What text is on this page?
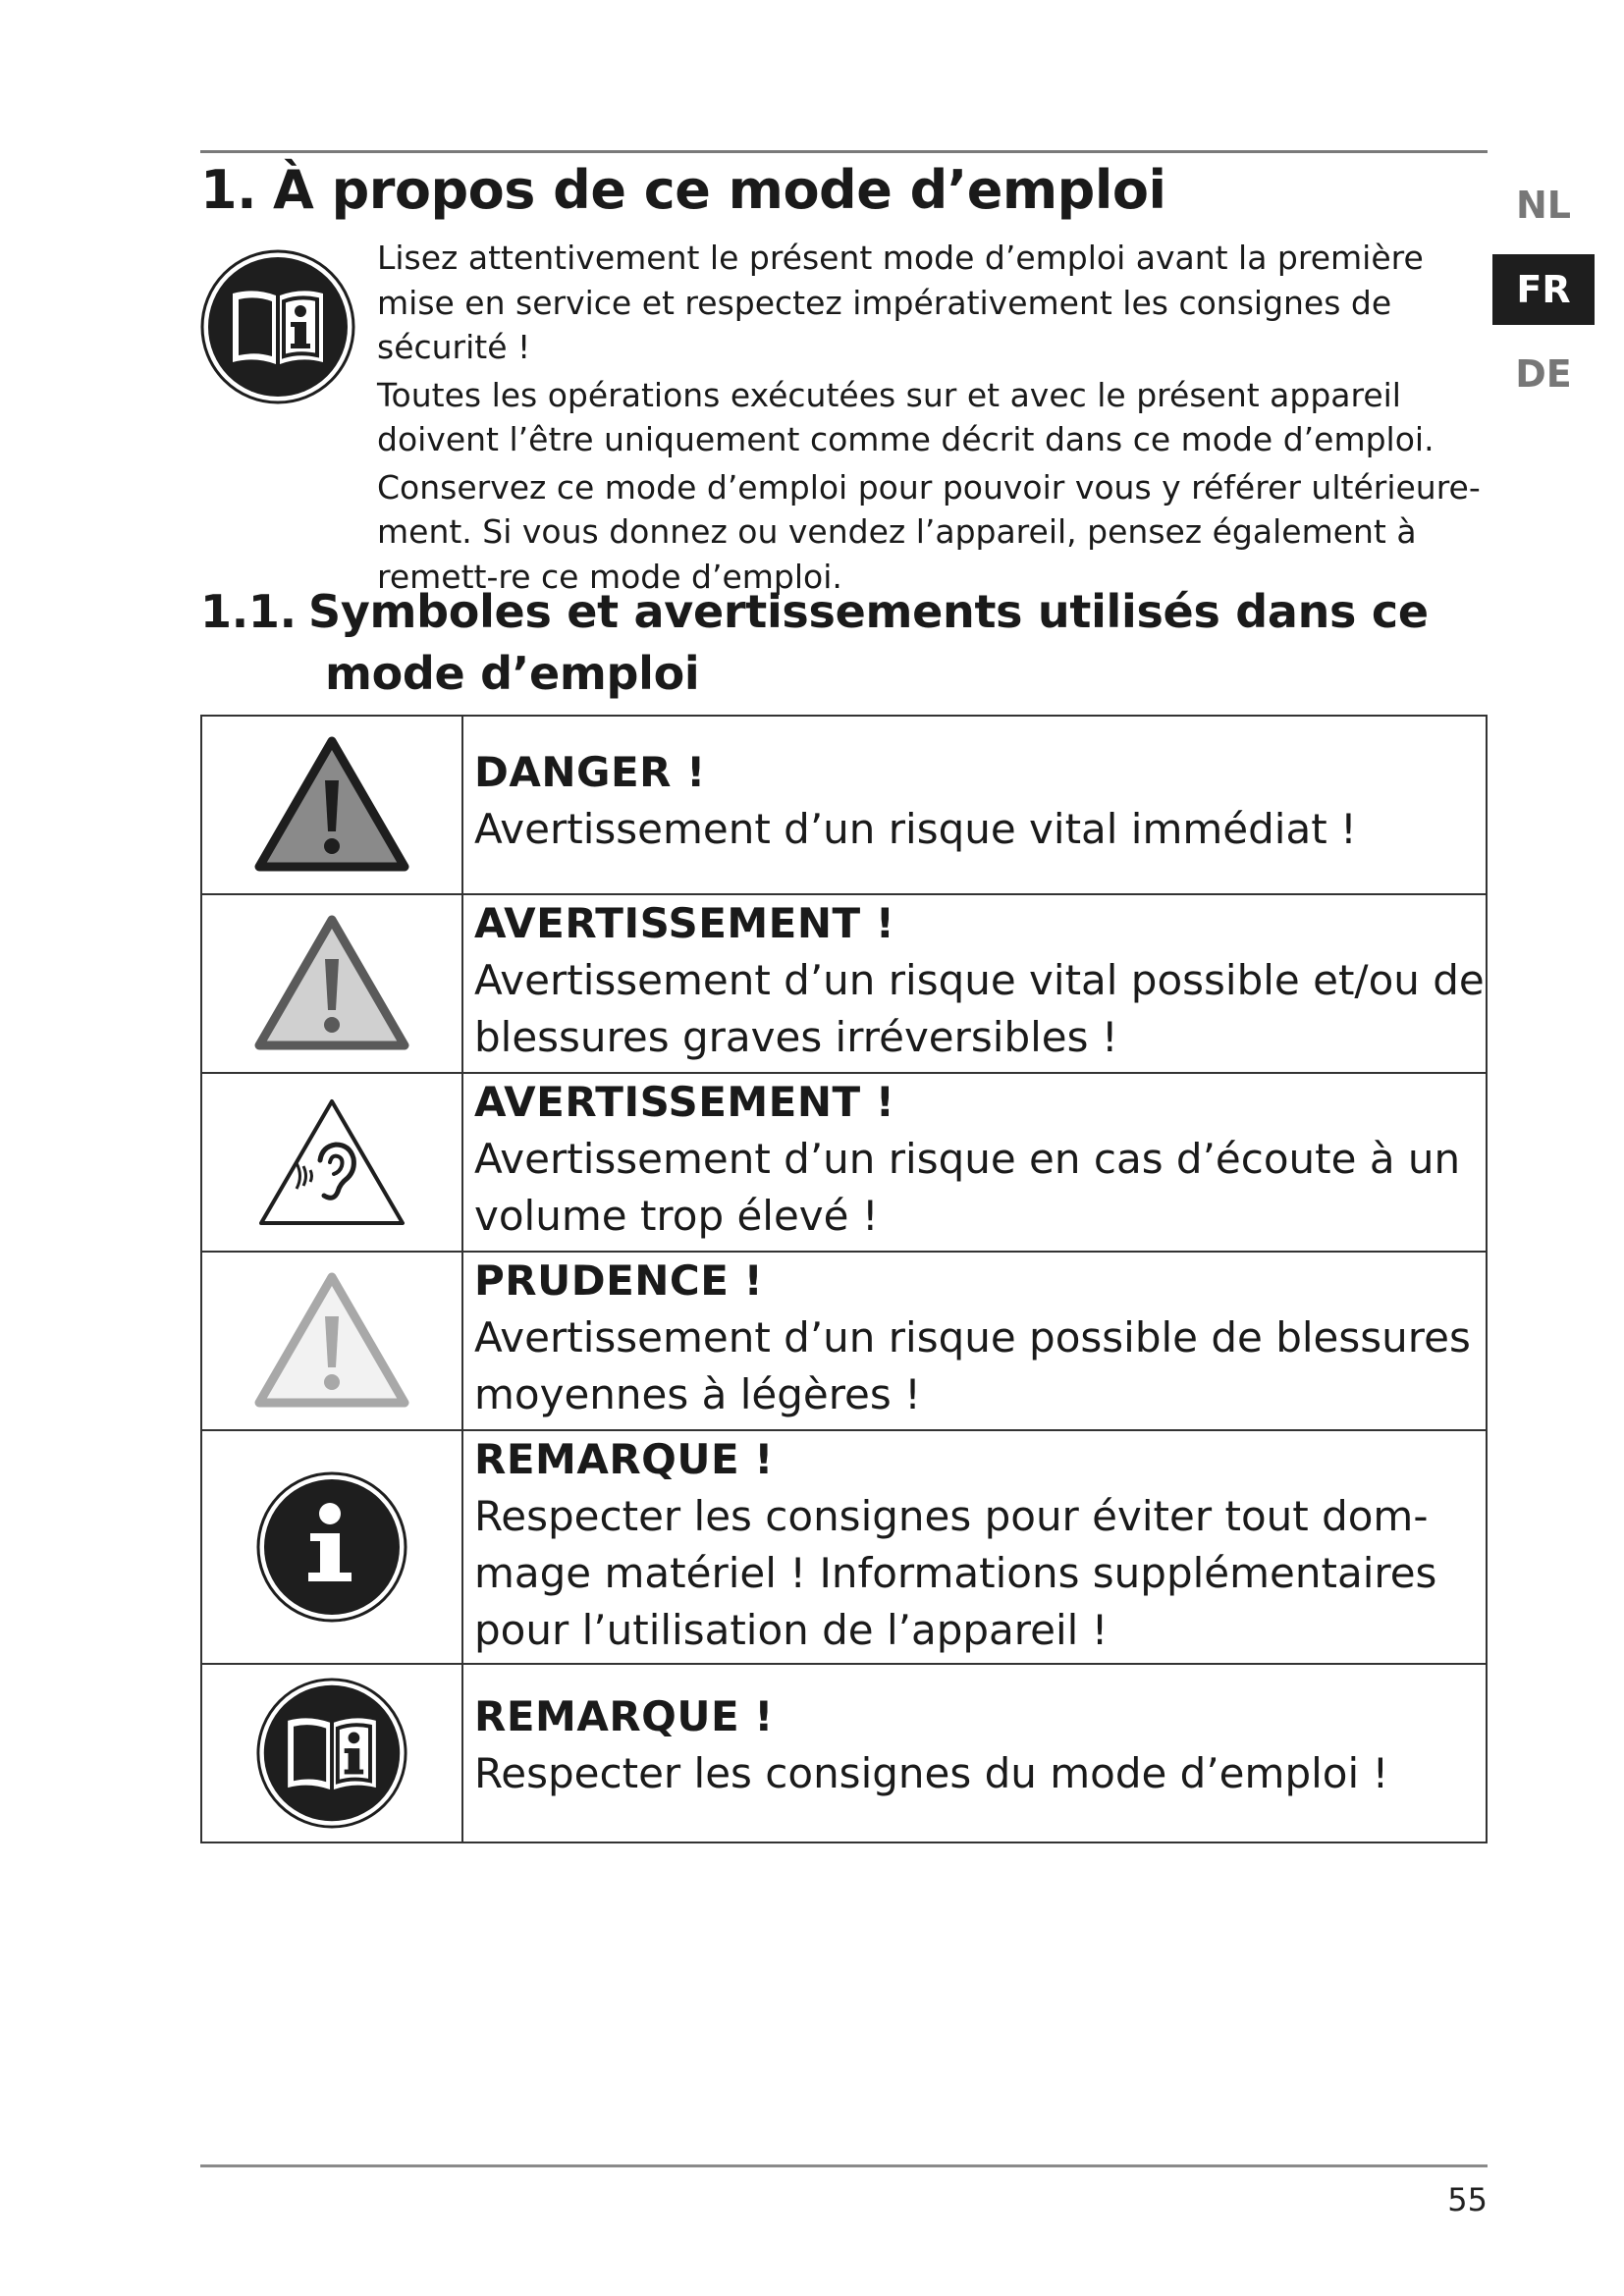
NL
FR
DE
1. À propos de ce mode d’emploi

Lisez attentivement le présent mode d’emploi avant la première mise en service et respectez impérativement les consignes de sécurité !

Toutes les opérations exécutées sur et avec le présent appareil doivent l’être uniquement comme décrit dans ce mode d’emploi.

Conservez ce mode d’emploi pour pouvoir vous y référer ultérieure-ment. Si vous donnez ou vendez l’appareil, pensez également à remett-re ce mode d’emploi.

1.1. Symboles et avertissements utilisés dans ce
mode d’emploi

DANGER !
Avertissement d’un risque vital immédiat !

AVERTISSEMENT !
Avertissement d’un risque vital possible et/ou de blessures graves irréversibles !

AVERTISSEMENT !
Avertissement d’un risque en cas d’écoute à un volume trop élevé !

PRUDENCE !
Avertissement d’un risque possible de blessures moyennes à légères !

REMARQUE !
Respecter les consignes pour éviter tout dom-mage matériel ! Informations supplémentaires pour l’utilisation de l’appareil !

REMARQUE !
Respecter les consignes du mode d’emploi !
55
